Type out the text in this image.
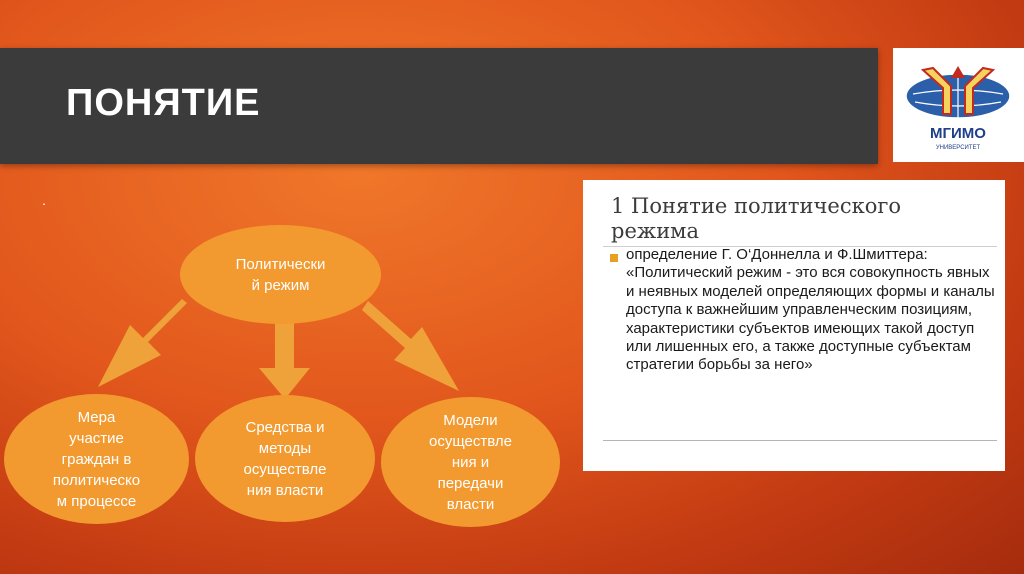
ПОНЯТИЕ
МГИМО
УНИВЕРСИТЕТ
.
Политически
й режим
Мера
участие
граждан в
политическо
м процессе
Средства и
методы
осуществле
ния власти
Модели
осуществле
ния и
передачи
власти
1 Понятие политического режима
определение Г. О‘Доннелла и Ф.Шмиттера: «Политический режим - это вся совокупность явных и неявных моделей определяющих формы и каналы доступа к важнейшим управленческим позициям, характеристики субъектов имеющих такой доступ или лишенных его, а также доступные субъектам стратегии борьбы за него»
